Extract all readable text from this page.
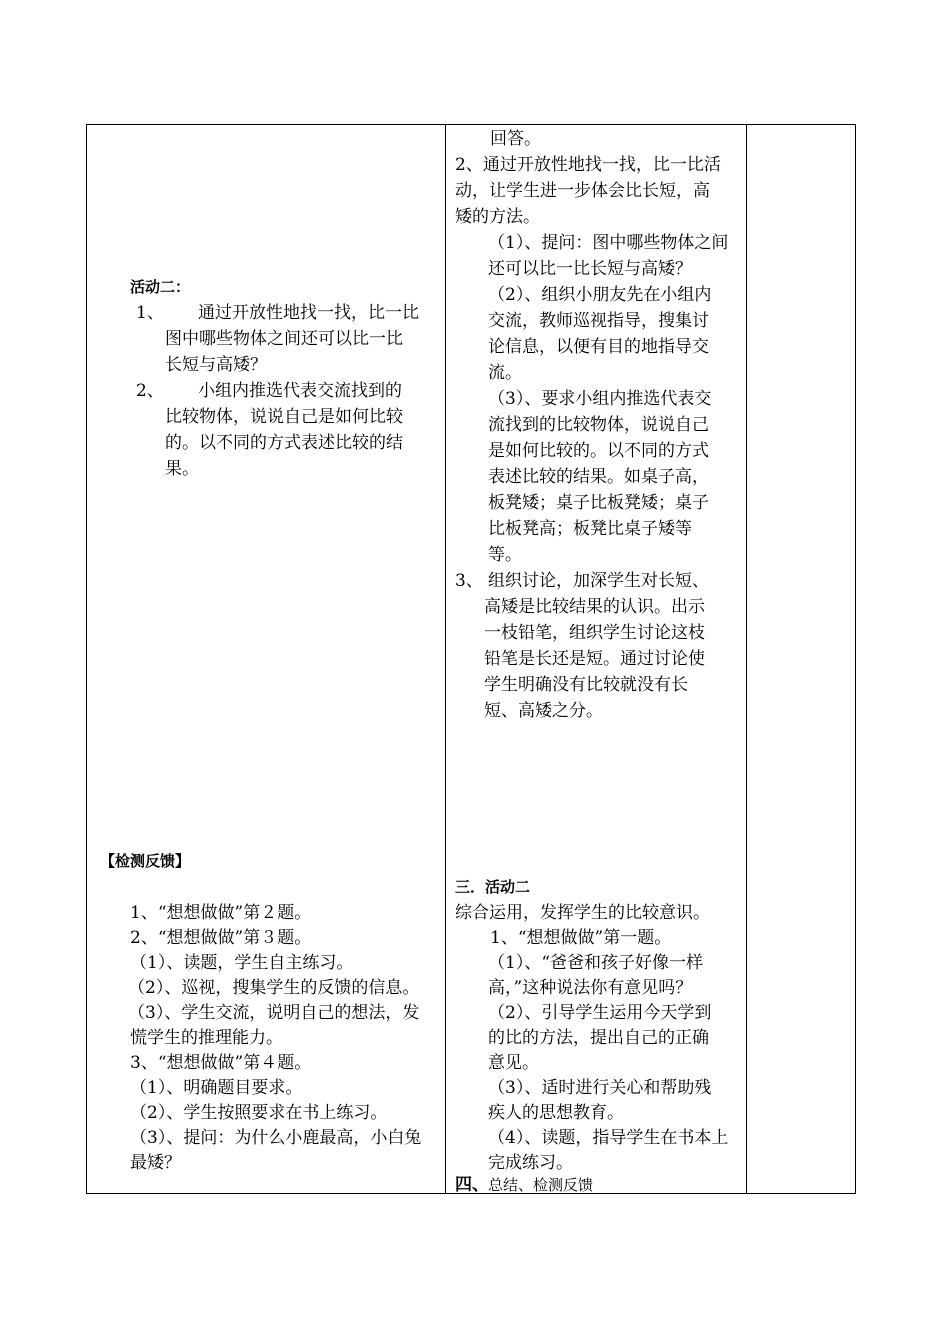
活动二：
1、 通过开放性地找一找，比一比
图中哪些物体之间还可以比一比
长短与高矮？
2、 小组内推选代表交流找到的
比较物体，说说自己是如何比较
的。以不同的方式表述比较的结
果。
【检测反馈】
1、“想想做做”第２题。
2、“想想做做”第３题。
（1）、读题，学生自主练习。
（2）、巡视，搜集学生的反馈的信息。
（3）、学生交流，说明自己的想法，发
慌学生的推理能力。
3、“想想做做”第４题。
（1）、明确题目要求。
（2）、学生按照要求在书上练习。
（3）、提问：为什么小鹿最高，小白兔
最矮？
回答。
2、通过开放性地找一找，比一比活
动，让学生进一步体会比长短，高
矮的方法。
（1）、提问：图中哪些物体之间
还可以比一比长短与高矮？
（2）、组织小朋友先在小组内
交流，教师巡视指导，搜集讨
论信息，以便有目的地指导交
流。
（3）、要求小组内推选代表交
流找到的比较物体，说说自己
是如何比较的。以不同的方式
表述比较的结果。如桌子高，
板凳矮；桌子比板凳矮；桌子
比板凳高；板凳比桌子矮等
等。
3、 组织讨论，加深学生对长短、
高矮是比较结果的认识。出示
一枝铅笔，组织学生讨论这枝
铅笔是长还是短。通过讨论使
学生明确没有比较就没有长
短、高矮之分。
三．活动二
综合运用，发挥学生的比较意识。
1、“想想做做”第一题。
（1）、“爸爸和孩子好像一样
高，”这种说法你有意见吗？
（2）、引导学生运用今天学到
的比的方法，提出自己的正确
意见。
（3）、适时进行关心和帮助残
疾人的思想教育。
（4）、读题，指导学生在书本上
完成练习。
四、 总结、检测反馈
